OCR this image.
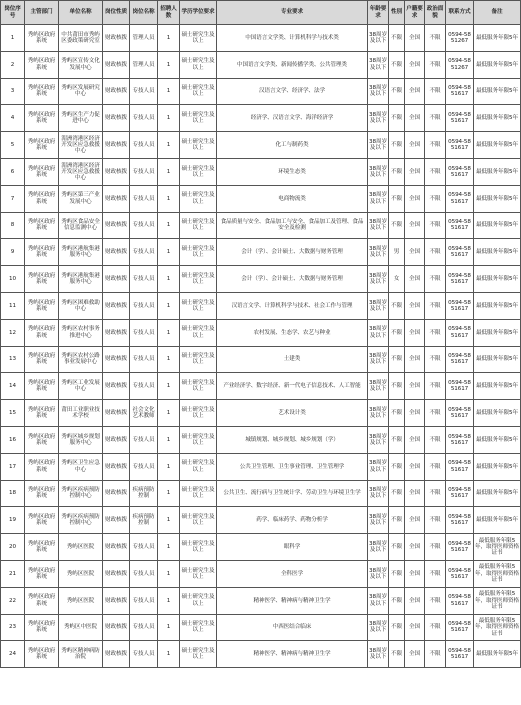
岗位序号	主管部门	单位名称	岗位性质	岗位名称	招聘人数	学历学位要求	专业要求	年龄要求	性别	户籍要求	政治面貌	联系方式	备注
1	秀屿区政府系统	中共莆田市秀屿区委政策研究室	财政核拨	管理人员	1	硕士研究生及以上	中国语言文学类、计算机科学与技术类	38周岁及以下	不限	全国	不限	0594-5851267	最低服务年限5年
2	秀屿区政府系统	秀屿区宣传文化发展中心	财政核拨	管理人员	1	硕士研究生及以上	中国语言文学类、新闻传播学类、公共管理类	38周岁及以下	不限	全国	不限	0594-5851267	最低服务年限5年
3	秀屿区政府系统	秀屿区发展研究中心	财政核拨	专技人员	1	硕士研究生及以上	汉语言文学、经济学、法学	38周岁及以下	不限	全国	不限	0594-5851617	最低服务年限5年
4	秀屿区政府系统	秀屿区生产力促进中心	财政核拨	专技人员	1	硕士研究生及以上	经济学、汉语言文学、海洋经济学	38周岁及以下	不限	全国	不限	0594-5851617	最低服务年限5年
5	秀屿区政府系统	湄洲湾港区经济开发区应急救援中心	财政核拨	专技人员	1	硕士研究生及以上	化工与制药类	38周岁及以下	不限	全国	不限	0594-5851617	最低服务年限5年
6	秀屿区政府系统	湄洲湾港区经济开发区应急救援中心	财政核拨	专技人员	1	硕士研究生及以上	环境生态类	38周岁及以下	不限	全国	不限	0594-5851617	最低服务年限5年
7	秀屿区政府系统	秀屿区第三产业发展中心	财政核拨	专技人员	1	硕士研究生及以上	电商物流类	38周岁及以下	不限	全国	不限	0594-5851617	最低服务年限5年
8	秀屿区政府系统	秀屿区食品安全信息监测中心	财政核拨	专技人员	1	硕士研究生及以上	食品质量与安全、食品加工与安全、食品加工及管理、食品安全及检测	38周岁及以下	不限	全国	不限	0594-5851617	最低服务年限5年
9	秀屿区政府系统	秀屿区港航集港服务中心	财政核拨	专技人员	1	硕士研究生及以上	会计（学）、会计硕士、大数据与财务管理	38周岁及以下	男	全国	不限	0594-5851617	最低服务年限5年
10	秀屿区政府系统	秀屿区港航集港服务中心	财政核拨	专技人员	1	硕士研究生及以上	会计（学）、会计硕士、大数据与财务管理	38周岁及以下	女	全国	不限	0594-5851617	最低服务年限5年
11	秀屿区政府系统	秀屿区困难救助中心	财政核拨	专技人员	1	硕士研究生及以上	汉语言文学、计算机科学与技术、社会工作与管理	38周岁及以下	不限	全国	不限	0594-5851617	最低服务年限5年
12	秀屿区政府系统	秀屿区农村事务推进中心	财政核拨	专技人员	1	硕士研究生及以上	农村发展、生态学、农艺与种业	38周岁及以下	不限	全国	不限	0594-5851617	最低服务年限5年
13	秀屿区政府系统	秀屿区农村公路事业发展中心	财政核拨	专技人员	1	硕士研究生及以上	土建类	38周岁及以下	不限	全国	不限	0594-5851617	最低服务年限5年
14	秀屿区政府系统	秀屿区工业发展中心	财政核拨	专技人员	1	硕士研究生及以上	产业经济学、数字经济、新一代电子信息技术、人工智能	38周岁及以下	不限	全国	不限	0594-5851617	最低服务年限5年
15	秀屿区政府系统	莆田工业职业技术学校	财政核拨	社会文化艺术教师	1	硕士研究生及以上	艺术设计类	38周岁及以下	不限	全国	不限	0594-5851617	最低服务年限5年
16	秀屿区政府系统	秀屿区城乡规划服务中心	财政核拨	专技人员	1	硕士研究生及以上	城镇规划、城乡规划、城乡规划（学）	38周岁及以下	不限	全国	不限	0594-5851617	最低服务年限5年
17	秀屿区政府系统	秀屿区卫生应急中心	财政核拨	专技人员	1	硕士研究生及以上	公共卫生管理、卫生事业管理、卫生管理学	38周岁及以下	不限	全国	不限	0594-5851617	最低服务年限5年
18	秀屿区政府系统	秀屿区疾病预防控制中心	财政核拨	疾病预防控制	1	硕士研究生及以上	公共卫生、流行病与卫生统计学、劳动卫生与环境卫生学	38周岁及以下	不限	全国	不限	0594-5851617	最低服务年限5年
19	秀屿区政府系统	秀屿区疾病预防控制中心	财政核拨	疾病预防控制	1	硕士研究生及以上	药学、临床药学、药物分析学	38周岁及以下	不限	全国	不限	0594-5851617	最低服务年限5年
20	秀屿区政府系统	秀屿区医院	财政核拨	专技人员	1	硕士研究生及以上	眼科学	38周岁及以下	不限	全国	不限	0594-5851617	最低服务年限5年，取得医师资格证书
21	秀屿区政府系统	秀屿区医院	财政核拨	专技人员	1	硕士研究生及以上	全科医学	38周岁及以下	不限	全国	不限	0594-5851617	最低服务年限5年，取得医师资格证书
22	秀屿区政府系统	秀屿区医院	财政核拨	专技人员	1	硕士研究生及以上	精神医学、精神病与精神卫生学	38周岁及以下	不限	全国	不限	0594-5851617	最低服务年限5年，取得医师资格证书
23	秀屿区政府系统	秀屿区中医院	财政核拨	专技人员	1	硕士研究生及以上	中西医结合临床	38周岁及以下	不限	全国	不限	0594-5851617	最低服务年限5年，取得医师资格证书
24	秀屿区政府系统	秀屿区精神病防治院	财政核拨	专技人员	1	硕士研究生及以上	精神医学、精神病与精神卫生学	38周岁及以下	不限	全国	不限	0594-5851617	最低服务年限5年
